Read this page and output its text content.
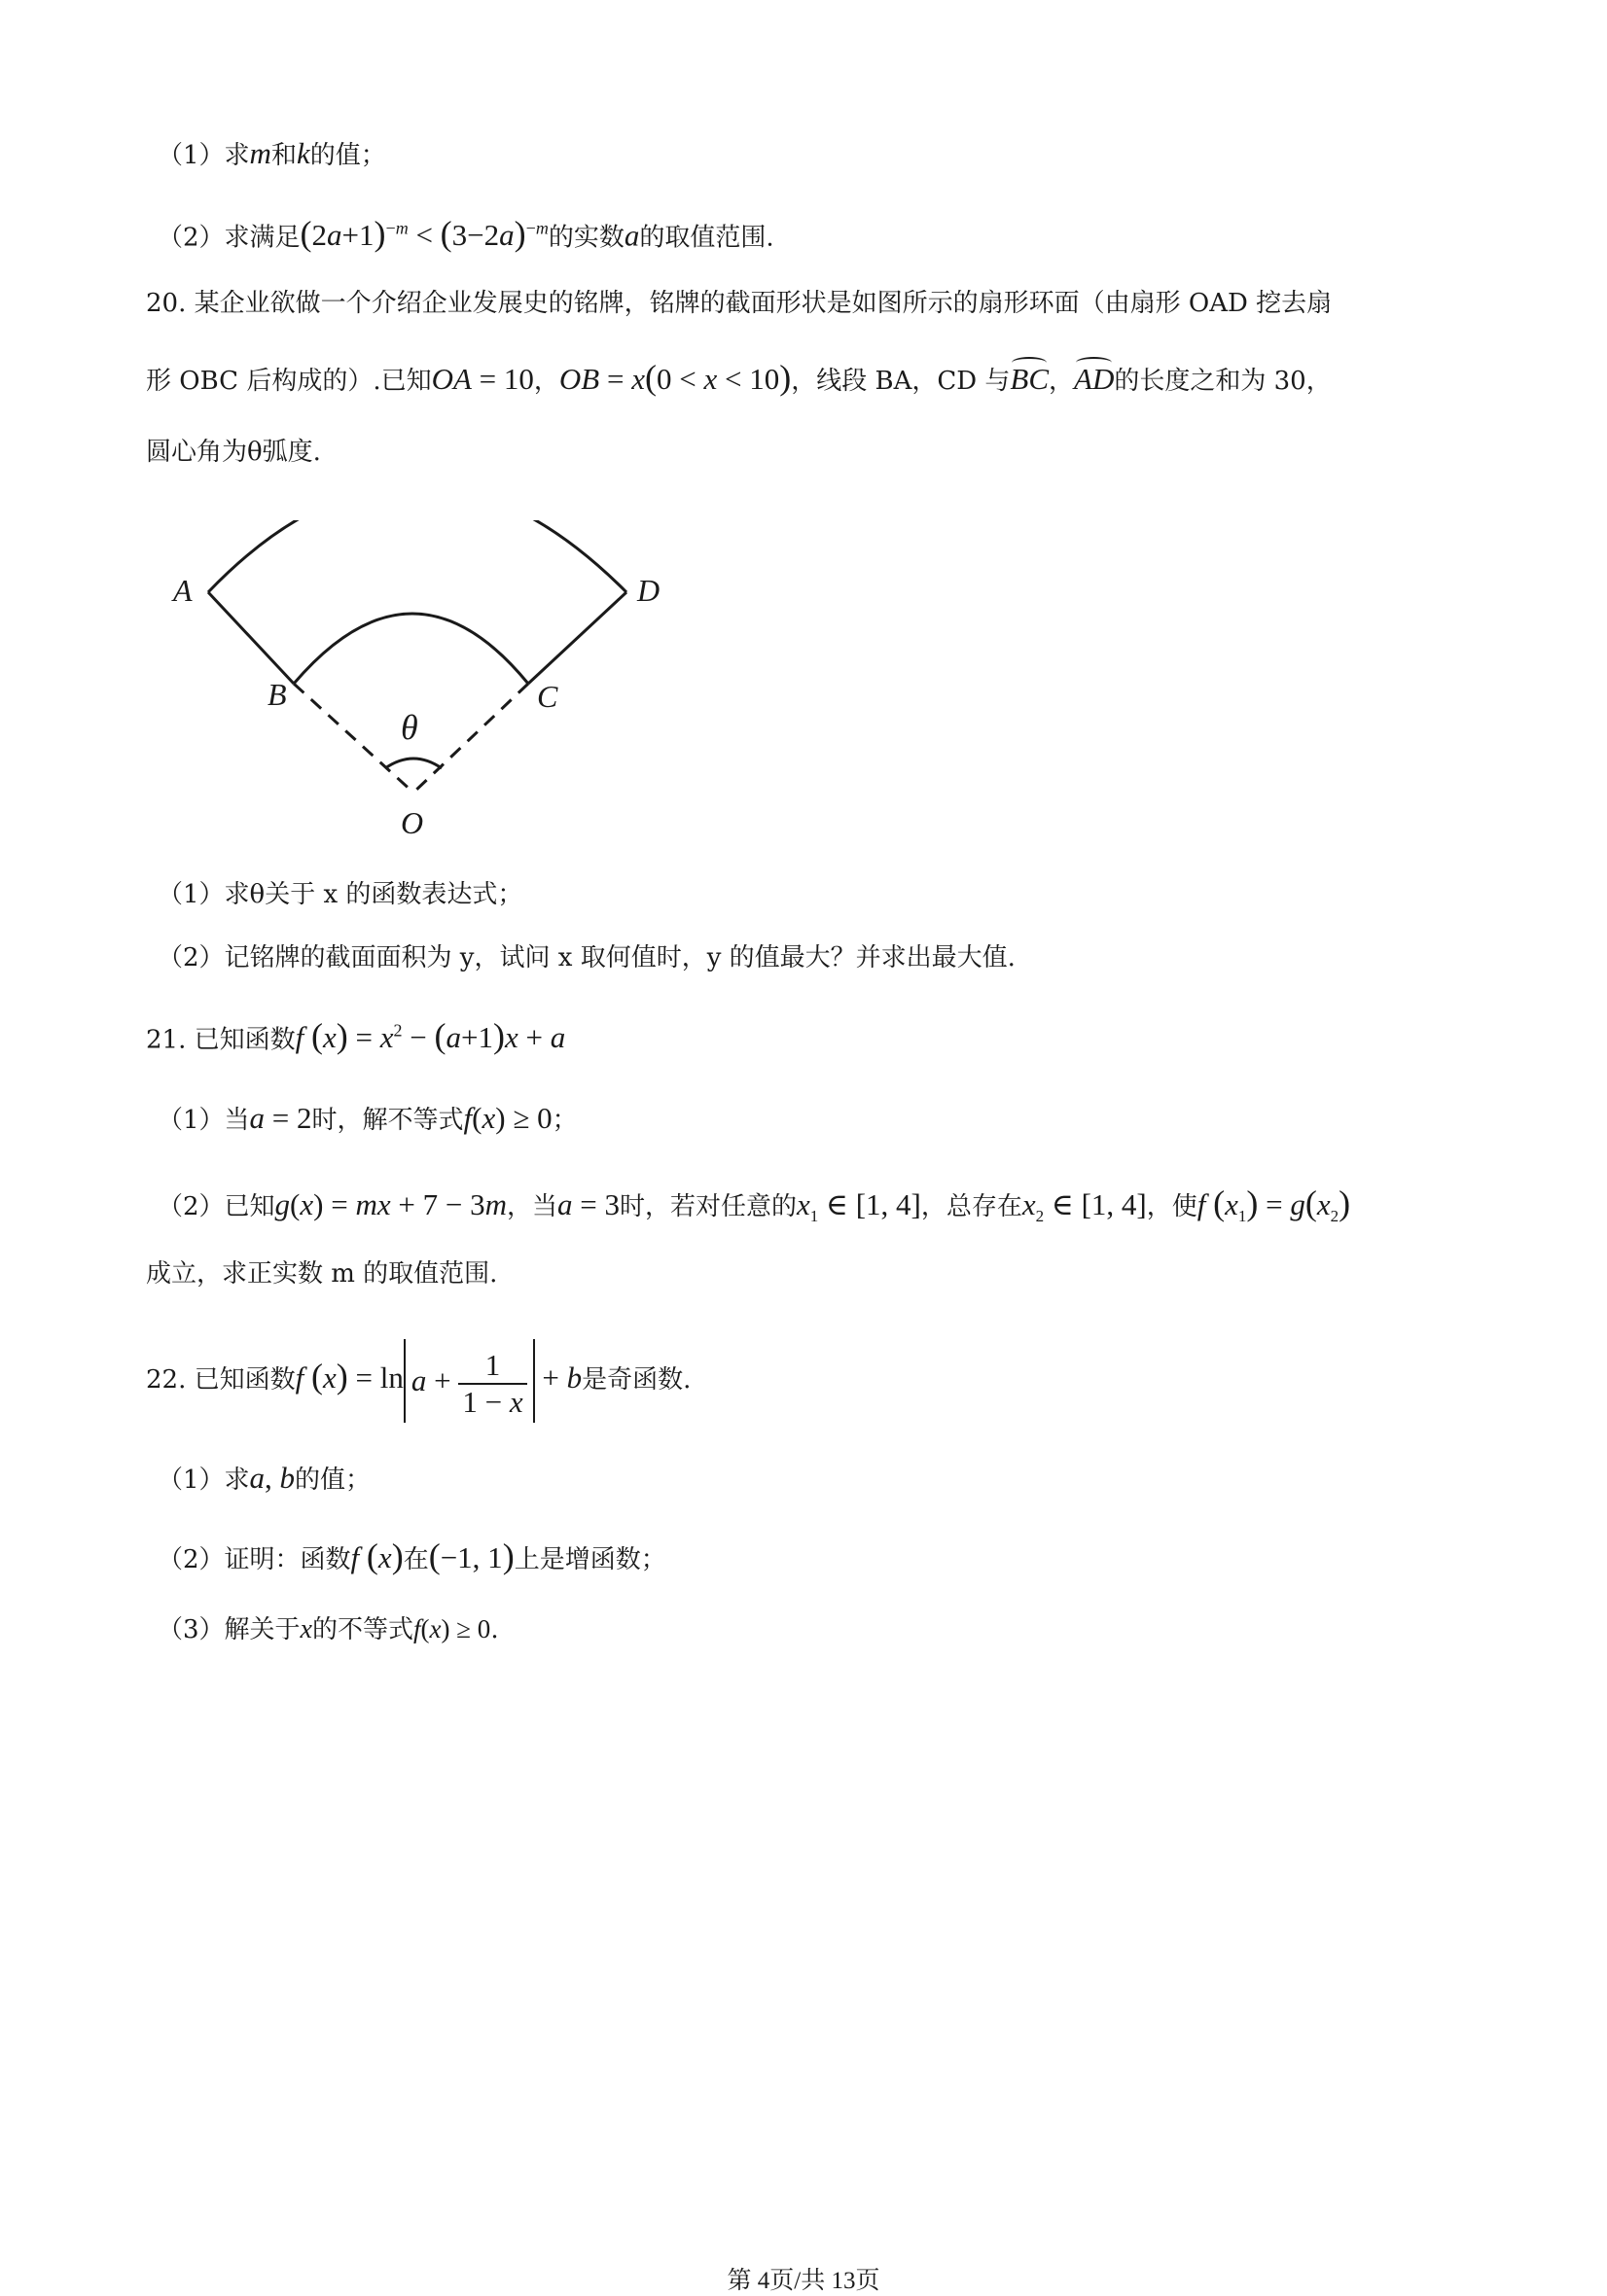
（1）求m和k的值；
（2）求满足$(2a+1)^{-m} < (3-2a)^{-m}$的实数a的取值范围.
20. 某企业欲做一个介绍企业发展史的铭牌，铭牌的截面形状是如图所示的扇形环面（由扇形 OAD 挖去扇
形 OBC 后构成的）.已知OA = 10，OB = x(0 < x < 10)，线段 BA，CD 与BC，AD的长度之和为 30，
圆心角为θ弧度.
A	D
B	C
θ
O
（1）求θ关于 x 的函数表达式；
（2）记铭牌的截面面积为 y，试问 x 取何值时，y 的值最大？并求出最大值.
21. 已知函数f $(x) = x^2 - (a+1)x + a$
（1）当a = 2时，解不等式f(x) ≥ 0；
（2）已知g(x) = mx + 7 − 3m，当a = 3时，若对任意的$x_1$ ∈ [1, 4]，总存在$x_2$ ∈ [1, 4]，使f $(x_1) = g(x_2)$
成立，求正实数 m 的取值范围.
22. 已知函数f $(x) = \ln a + \frac{1}{1 - x} + b$是奇函数.
（1）求a, b的值；
（2）证明：函数f (x)在(−1, 1)上是增函数；
（3）解关于x的不等式f(x) ≥ 0.
第 4页/共 13页
